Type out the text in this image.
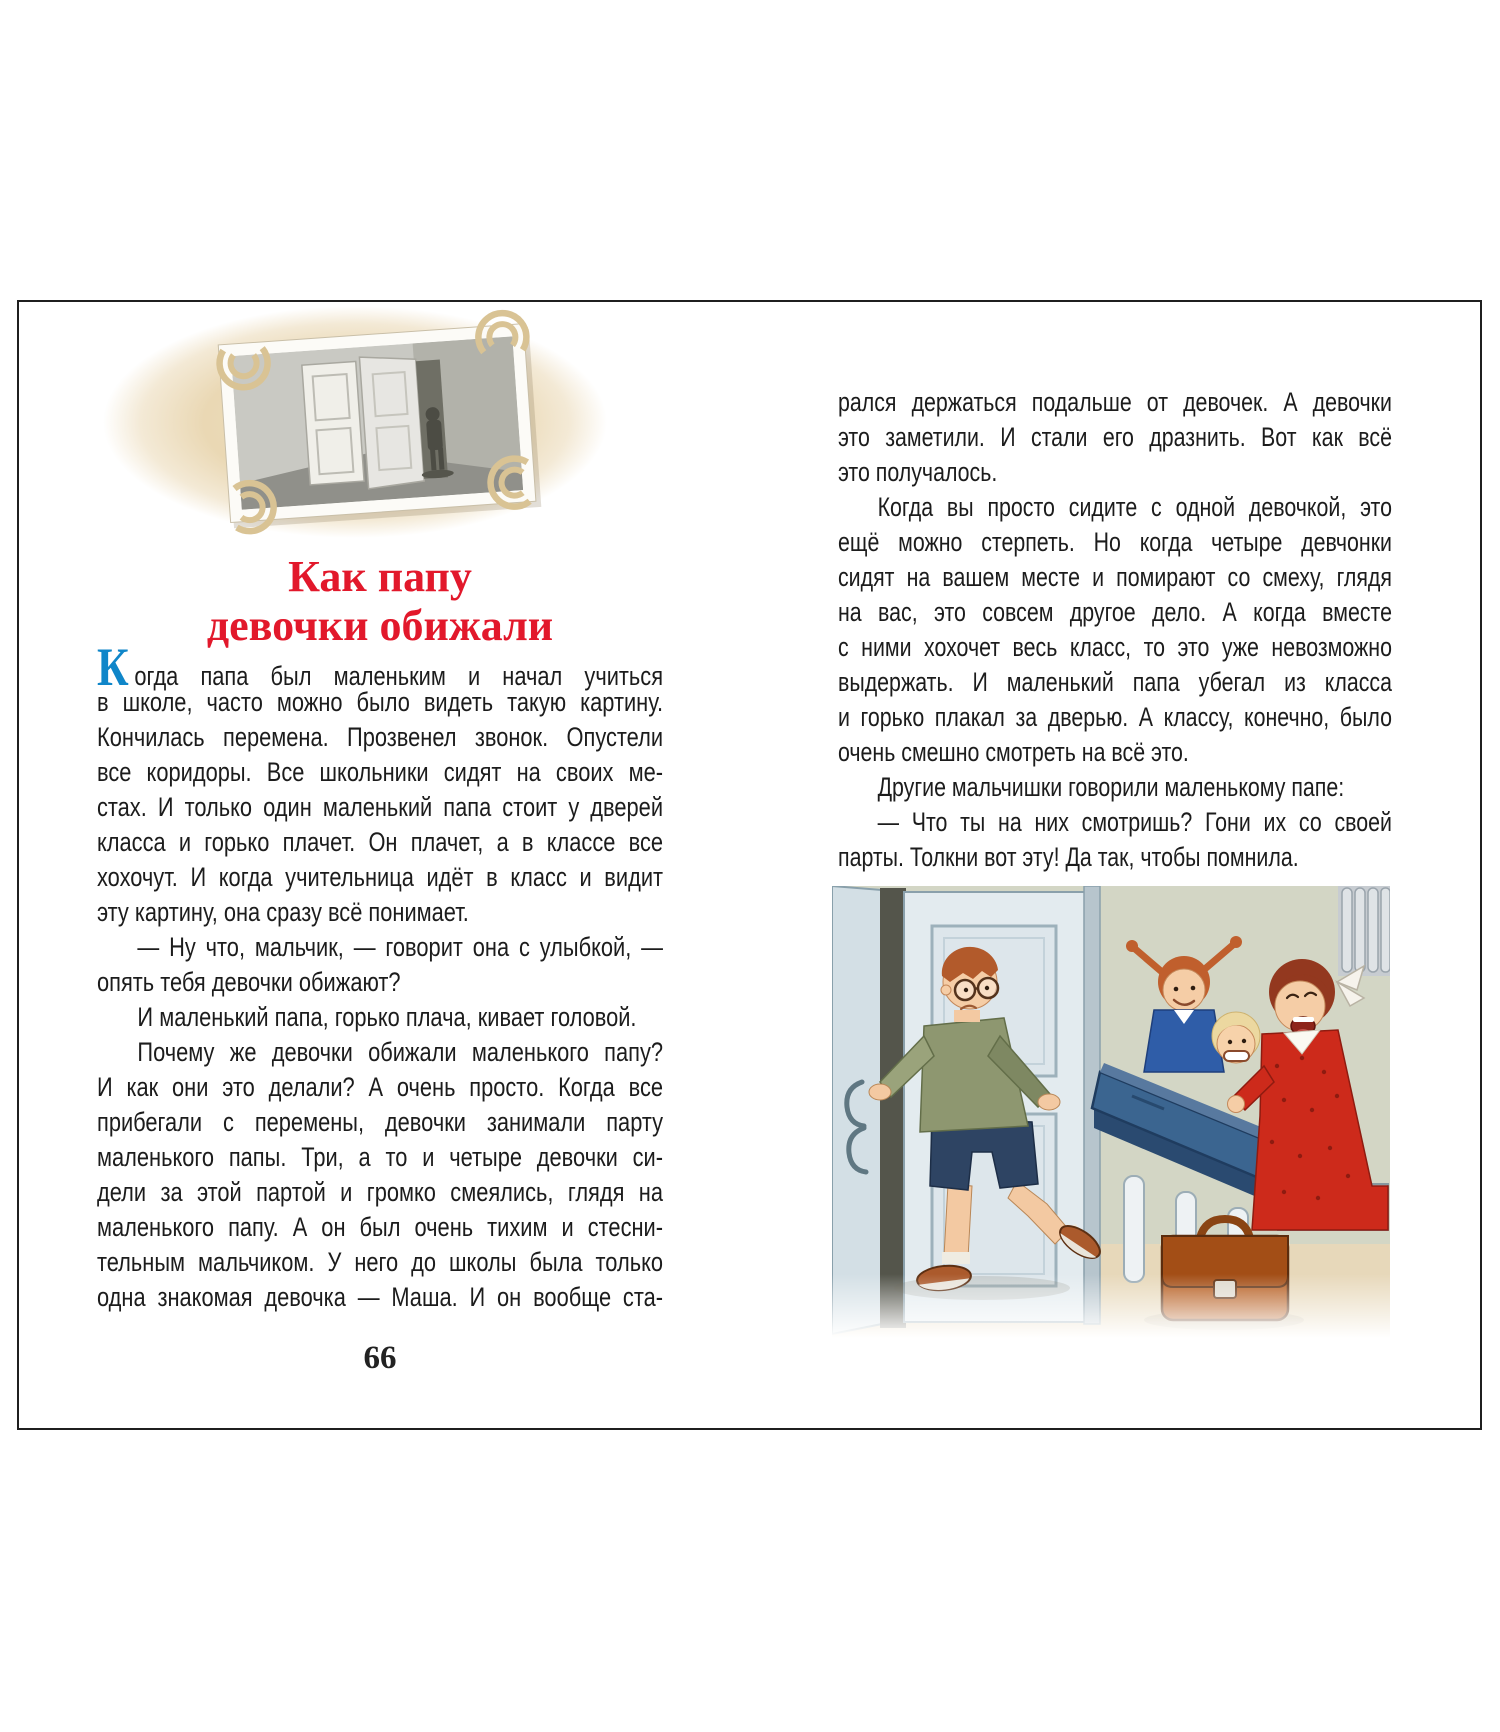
Как папу
девочки обижали
Когда папа был маленьким и начал учиться
в школе, часто можно было видеть такую картину.
Кончилась перемена. Прозвенел звонок. Опустели
все коридоры. Все школьники сидят на своих ме-
стах. И только один маленький папа стоит у дверей
класса и горько плачет. Он плачет, а в классе все
хохочут. И когда учительница идёт в класс и видит
эту картину, она сразу всё понимает.
— Ну что, мальчик, — говорит она с улыбкой, —
опять тебя девочки обижают?
И маленький папа, горько плача, кивает головой.
Почему же девочки обижали маленького папу?
И как они это делали? А очень просто. Когда все
прибегали с перемены, девочки занимали парту
маленького папы. Три, а то и четыре девочки си-
дели за этой партой и громко смеялись, глядя на
маленького папу. А он был очень тихим и стесни-
тельным мальчиком. У него до школы была только
одна знакомая девочка — Маша. И он вообще ста-
66
рался держаться подальше от девочек. А девочки
это заметили. И стали его дразнить. Вот как всё
это получалось.
Когда вы просто сидите с одной девочкой, это
ещё можно стерпеть. Но когда четыре девчонки
сидят на вашем месте и помирают со смеху, глядя
на вас, это совсем другое дело. А когда вместе
с ними хохочет весь класс, то это уже невозможно
выдержать. И маленький папа убегал из класса
и горько плакал за дверью. А классу, конечно, было
очень смешно смотреть на всё это.
Другие мальчишки говорили маленькому папе:
— Что ты на них смотришь? Гони их со своей
парты. Толкни вот эту! Да так, чтобы помнила.
